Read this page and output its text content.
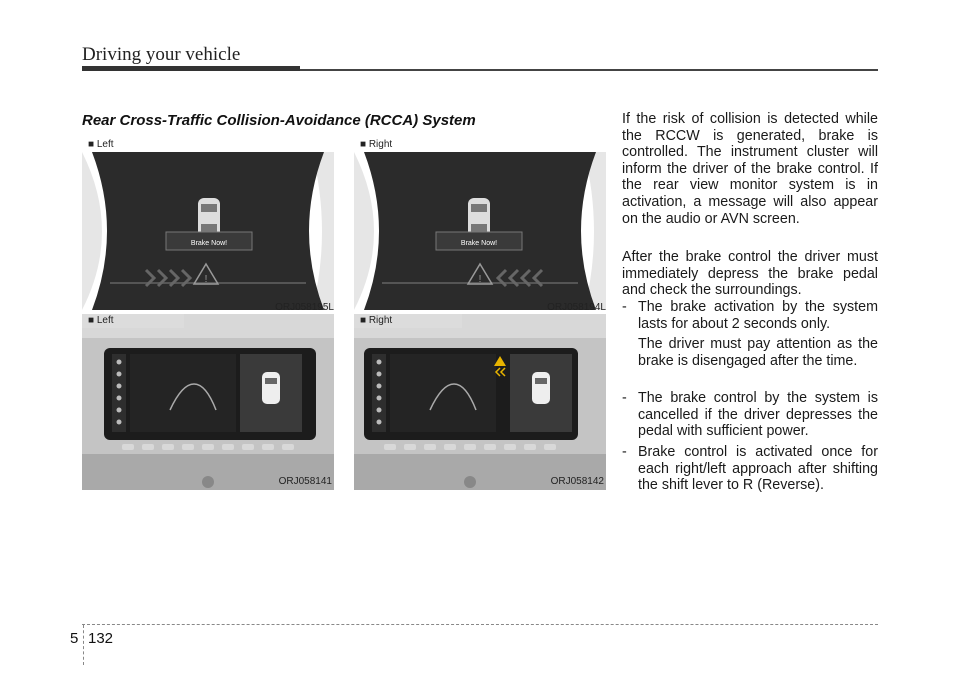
Driving your vehicle
Rear Cross-Traffic Collision-Avoidance (RCCA) System
■ Left
Brake Now!
!
ORJ058195L
■ Right
Brake Now!
!
ORJ058194L
■ Left
ORJ058141
■ Right
ORJ058142
If the risk of collision is detected while the RCCW is generated, brake is controlled. The instrument cluster will inform the driver of the brake control. If the rear view monitor system is in activation, a message will also appear on the audio or AVN screen.
After the brake control the driver must immediately depress the brake pedal and check the surroundings.
- The brake activation by the system lasts for about 2 seconds only.
The driver must pay attention as the brake is disengaged after the time.
- The brake control by the system is cancelled if the driver depresses the pedal with sufficient power.
- Brake control is activated once for each right/left approach after shifting the shift lever to R (Reverse).
5 132
